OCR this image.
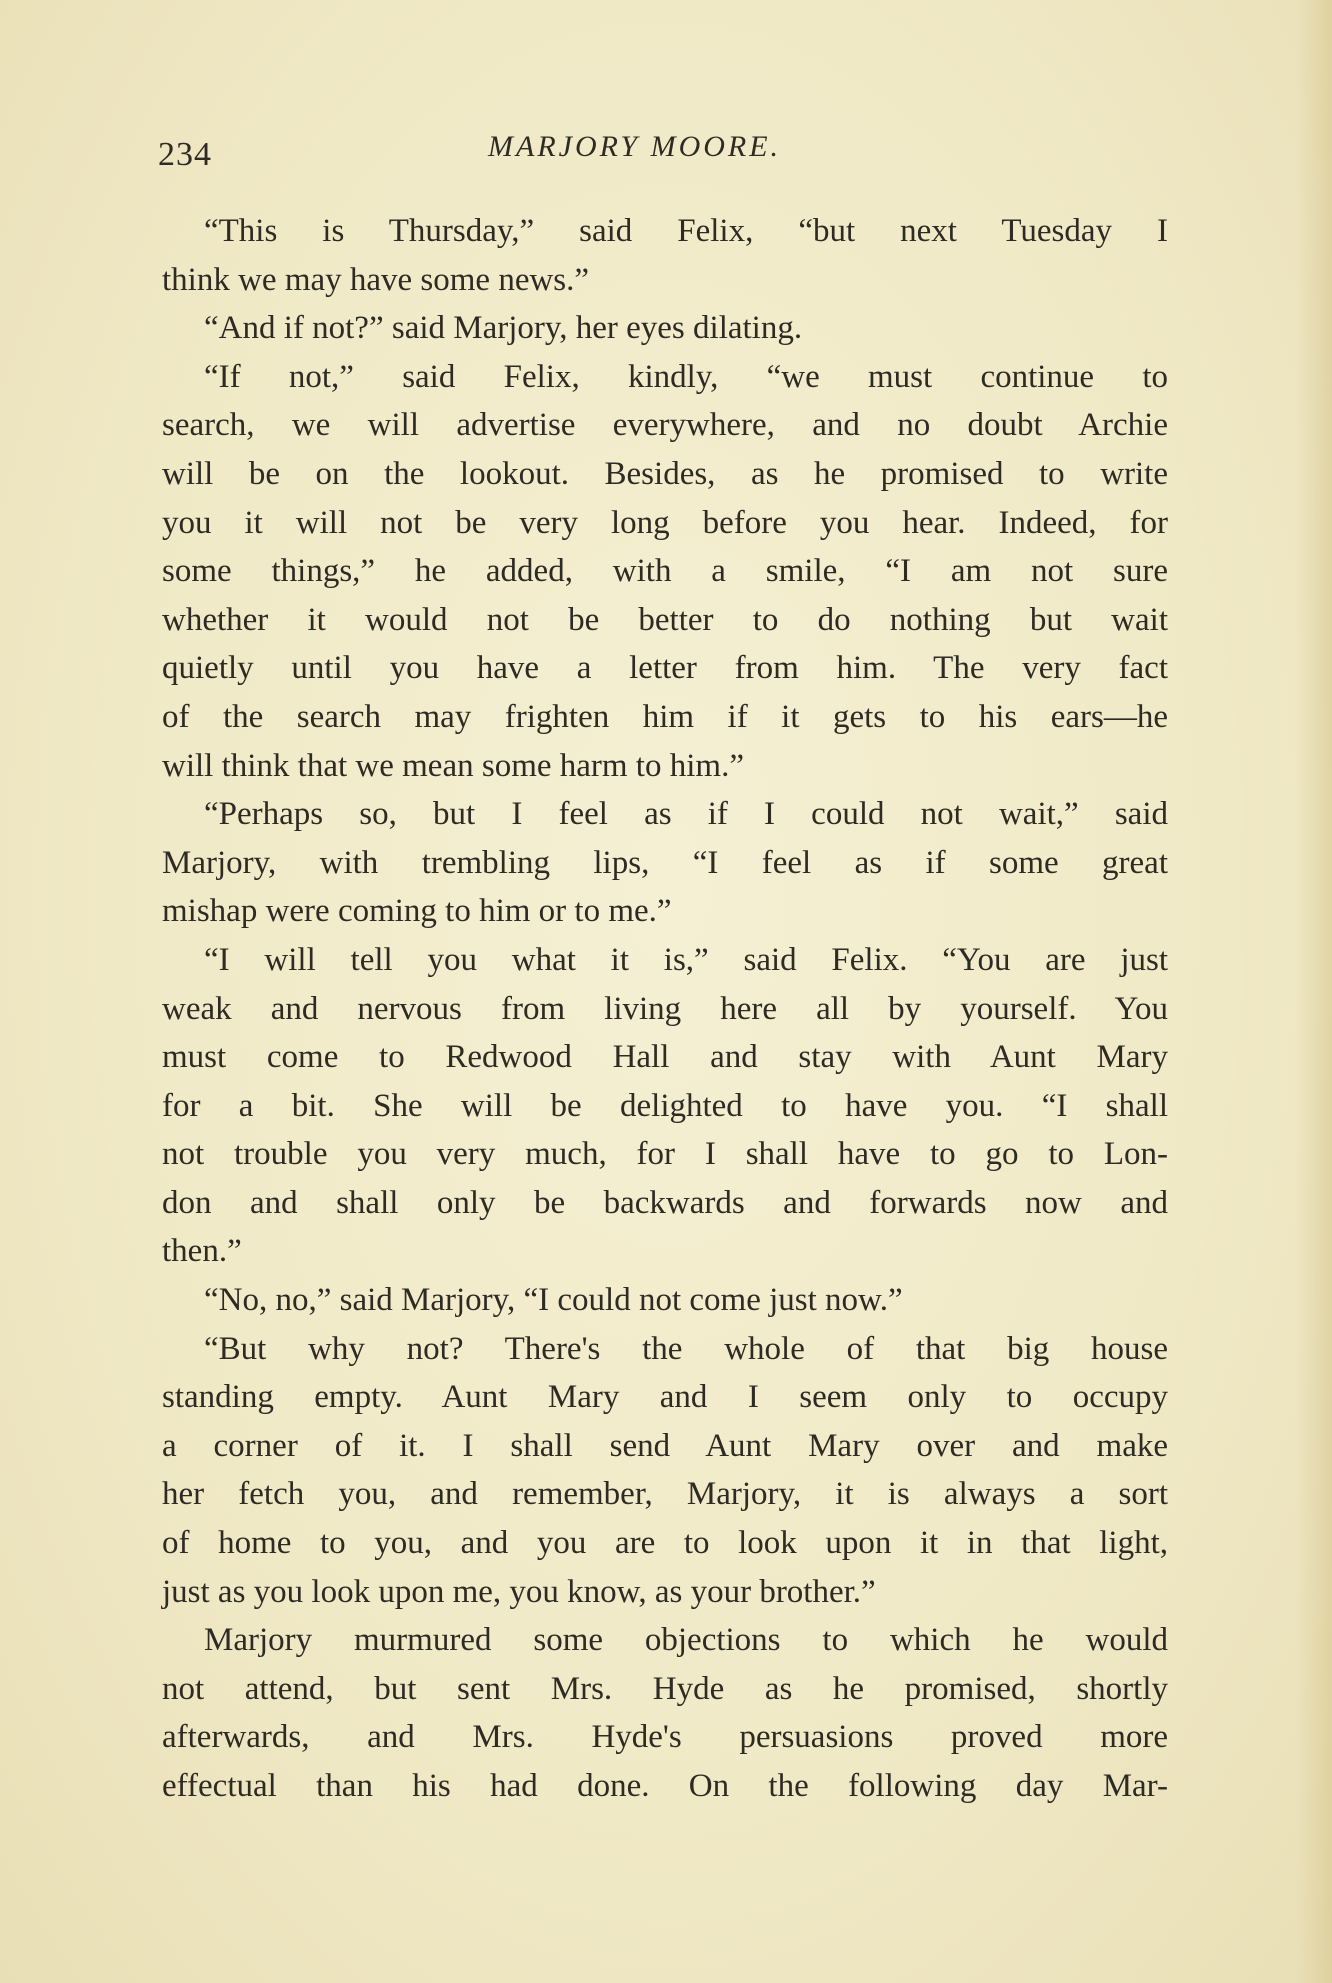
234	MARJORY MOORE.
“This is Thursday,” said Felix, “but next Tuesday I
think we may have some news.”
“And if not?” said Marjory, her eyes dilating.
“If not,” said Felix, kindly, “we must continue to
search, we will advertise everywhere, and no doubt Archie
will be on the lookout. Besides, as he promised to write
you it will not be very long before you hear. Indeed, for
some things,” he added, with a smile, “I am not sure
whether it would not be better to do nothing but wait
quietly until you have a letter from him. The very fact
of the search may frighten him if it gets to his ears—he
will think that we mean some harm to him.”
“Perhaps so, but I feel as if I could not wait,” said
Marjory, with trembling lips, “I feel as if some great
mishap were coming to him or to me.”
“I will tell you what it is,” said Felix. “You are just
weak and nervous from living here all by yourself. You
must come to Redwood Hall and stay with Aunt Mary
for a bit. She will be delighted to have you. “I shall
not trouble you very much, for I shall have to go to Lon-
don and shall only be backwards and forwards now and
then.”
“No, no,” said Marjory, “I could not come just now.”
“But why not? There's the whole of that big house
standing empty. Aunt Mary and I seem only to occupy
a corner of it. I shall send Aunt Mary over and make
her fetch you, and remember, Marjory, it is always a sort
of home to you, and you are to look upon it in that light,
just as you look upon me, you know, as your brother.”
Marjory murmured some objections to which he would
not attend, but sent Mrs. Hyde as he promised, shortly
afterwards, and Mrs. Hyde's persuasions proved more
effectual than his had done. On the following day Mar-
